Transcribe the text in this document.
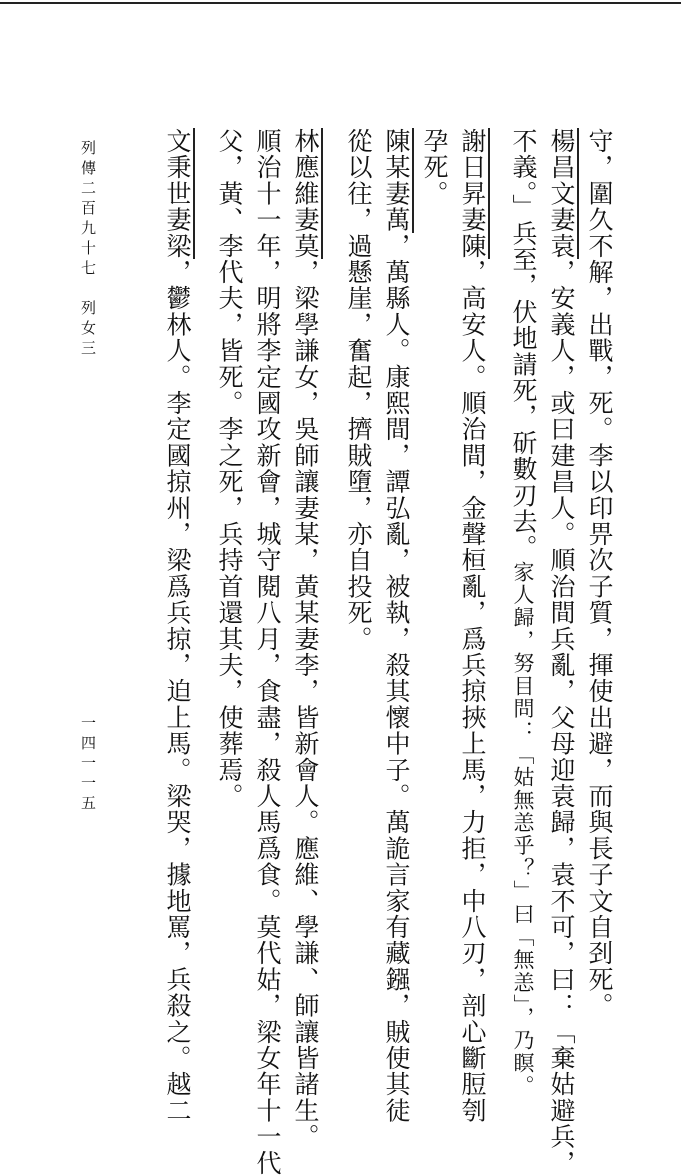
列傳二百九十七　列女三
一四一一五	守，圍久不解，出戰，死。李以印畀次子質，揮使出避，而與長子文自刭死。
楊昌文妻袁，安義人，或曰建昌人。順治間兵亂，父母迎袁歸，袁不可，曰：「棄姑避兵，
不義。」兵至，伏地請死，斫數刃去。家人歸，努目問：「姑無恙乎？」曰「無恙」，乃瞑。
謝日昇妻陳，高安人。順治間，金聲桓亂，爲兵掠挾上馬，力拒，中八刃，剖心斷脰刳
孕死。
陳某妻萬，萬縣人。康熙間，譚弘亂，被執，殺其懷中子。萬詭言家有藏鏹，賊使其徒
從以往，過懸崖，奮起，擠賊墮，亦自投死。
林應維妻莫，梁學謙女，吳師讓妻某，黃某妻李，皆新會人。應維、學謙、師讓皆諸生。
順治十一年，明將李定國攻新會，城守閱八月，食盡，殺人馬爲食。莫代姑，梁女年十一代
父，黃、李代夫，皆死。李之死，兵持首還其夫，使葬焉。
文秉世妻梁，鬱林人。李定國掠州，梁爲兵掠，迫上馬。梁哭，據地罵，兵殺之。越二
